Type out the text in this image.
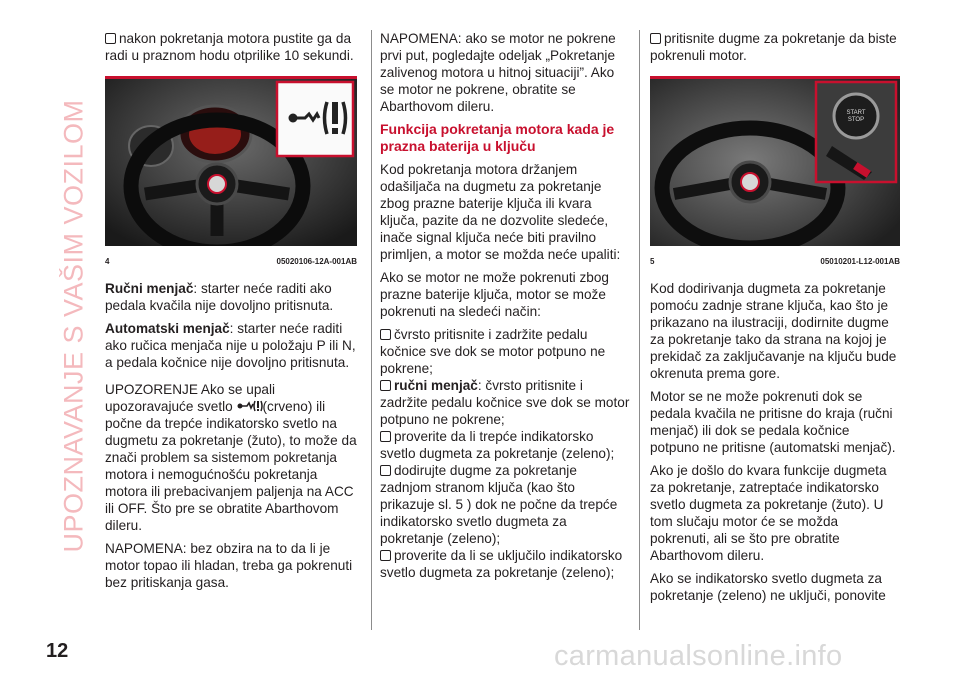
UPOZNAVANJE S VAŠIM VOZILOM

nakon pokretanja motora pustite ga da radi u praznom hodu otprilike 10 sekundi.

4	05020106-12A-001AB

Ručni menjač: starter neće raditi ako pedala kvačila nije dovoljno pritisnuta.

Automatski menjač: starter neće raditi ako ručica menjača nije u položaju P ili N, a pedala kočnice nije dovoljno pritisnuta.

UPOZORENJE Ako se upali upozoravajuće svetlo (crveno) ili počne da trepće indikatorsko svetlo na dugmetu za pokretanje (žuto), to može da znači problem sa sistemom pokretanja motora i nemogućnošću pokretanja motora ili prebacivanjem paljenja na ACC ili OFF. Što pre se obratite Abarthovom dileru.

NAPOMENA: bez obzira na to da li je motor topao ili hladan, treba ga pokrenuti bez pritiskanja gasa.

NAPOMENA: ako se motor ne pokrene prvi put, pogledajte odeljak „Pokretanje zalivenog motora u hitnoj situaciji”. Ako se motor ne pokrene, obratite se Abarthovom dileru.

Funkcija pokretanja motora kada je prazna baterija u ključu

Kod pokretanja motora držanjem odašiljača na dugmetu za pokretanje zbog prazne baterije ključa ili kvara ključa, pazite da ne dozvolite sledeće, inače signal ključa neće biti pravilno primljen, a motor se možda neće upaliti:

Ako se motor ne može pokrenuti zbog prazne baterije ključa, motor se može pokrenuti na sledeći način:

čvrsto pritisnite i zadržite pedalu kočnice sve dok se motor potpuno ne pokrene;

ručni menjač: čvrsto pritisnite i zadržite pedalu kočnice sve dok se motor potpuno ne pokrene;

proverite da li trepće indikatorsko svetlo dugmeta za pokretanje (zeleno);

dodirujte dugme za pokretanje zadnjom stranom ključa (kao što prikazuje sl. 5 ) dok ne počne da trepće indikatorsko svetlo dugmeta za pokretanje (zeleno);

proverite da li se uključilo indikatorsko svetlo dugmeta za pokretanje (zeleno);

pritisnite dugme za pokretanje da biste pokrenuli motor.

START
STOP
5	05010201-L12-001AB

Kod dodirivanja dugmeta za pokretanje pomoću zadnje strane ključa, kao što je prikazano na ilustraciji, dodirnite dugme za pokretanje tako da strana na kojoj je prekidač za zaključavanje na ključu bude okrenuta prema gore.

Motor se ne može pokrenuti dok se pedala kvačila ne pritisne do kraja (ručni menjač) ili dok se pedala kočnice potpuno ne pritisne (automatski menjač).

Ako je došlo do kvara funkcije dugmeta za pokretanje, zatreptaće indikatorsko svetlo dugmeta za pokretanje (žuto). U tom slučaju motor će se možda pokrenuti, ali se što pre obratite Abarthovom dileru.

Ako se indikatorsko svetlo dugmeta za pokretanje (zeleno) ne uključi, ponovite

12	carmanualsonline.info
